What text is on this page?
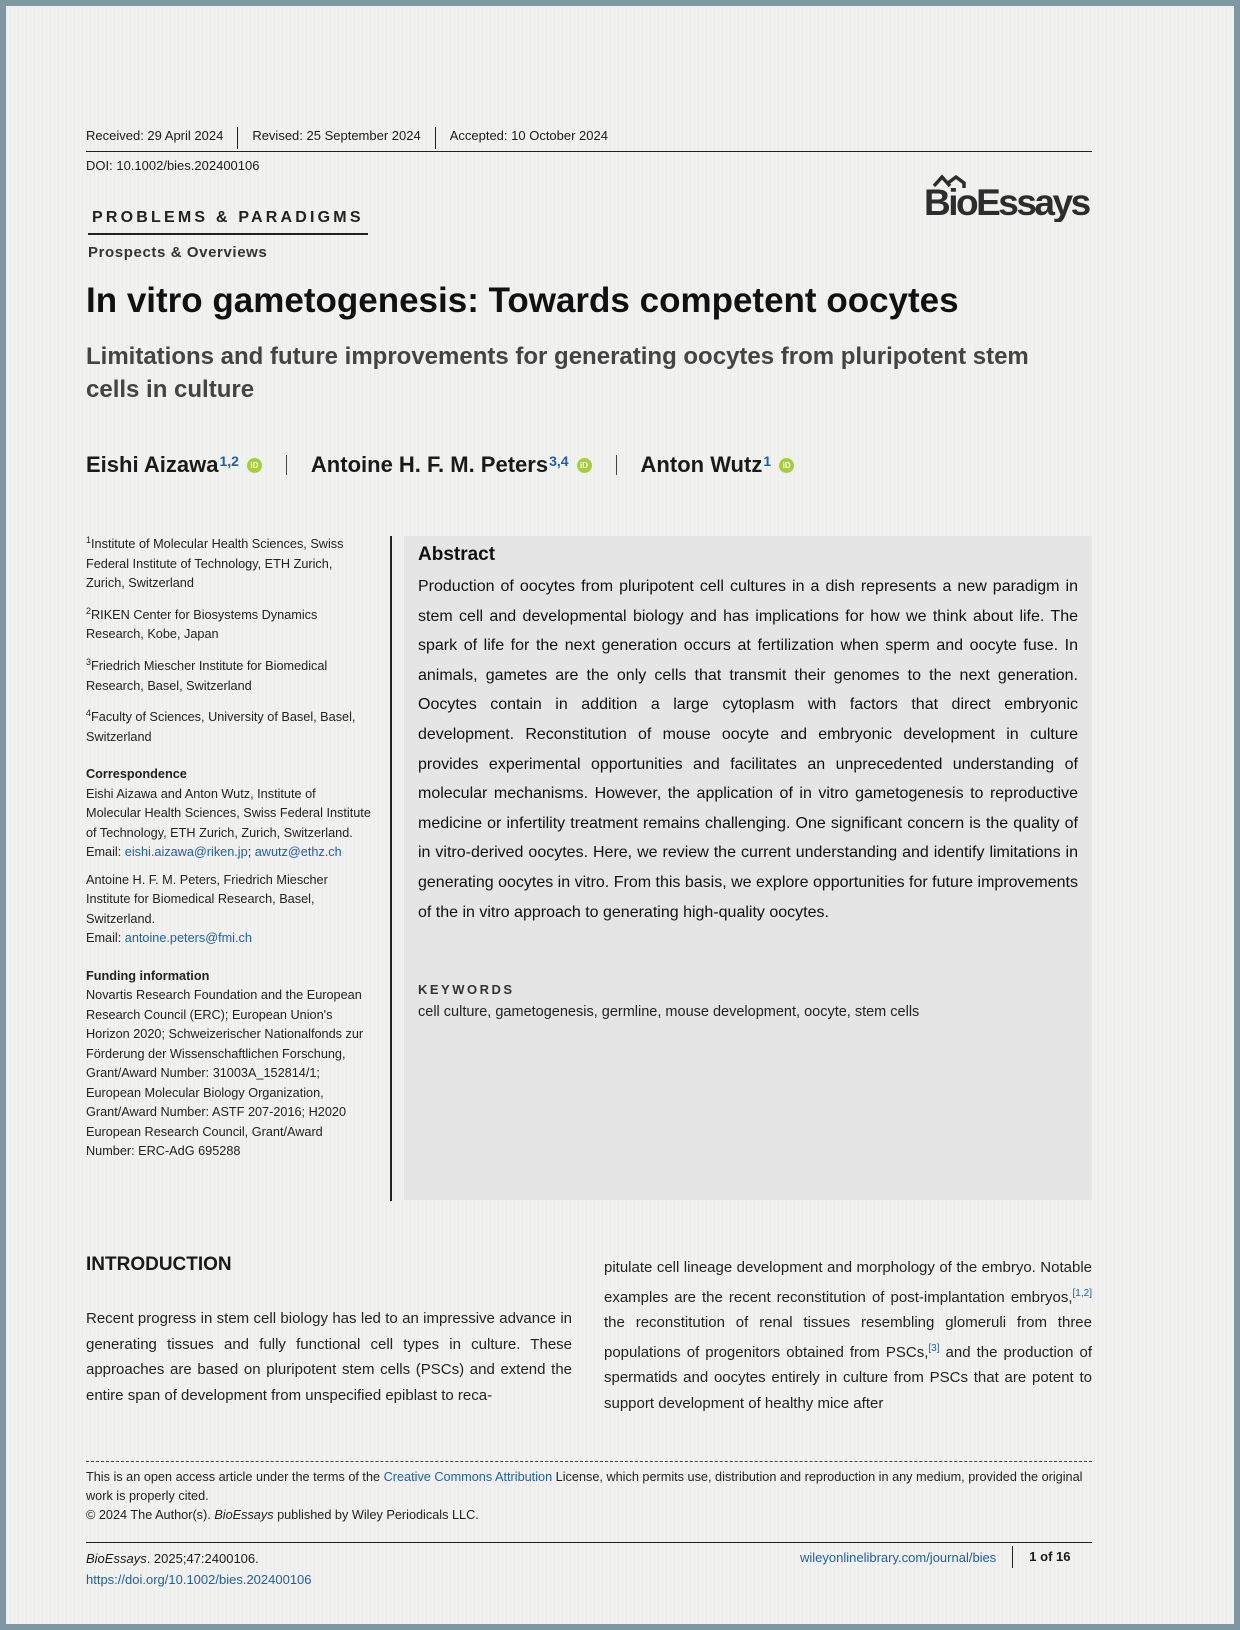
Received: 29 April 2024	Revised: 25 September 2024	Accepted: 10 October 2024
DOI: 10.1002/bies.202400106
BioEssays
PROBLEMS & PARADIGMS
Prospects & Overviews
In vitro gametogenesis: Towards competent oocytes
Limitations and future improvements for generating oocytes from pluripotent stem cells in culture
Eishi Aizawa$^{1,2}$	iD Antoine H. F. M. Peters$^{3,4}$	iD Anton Wutz$^1$	iD

$^1$Institute of Molecular Health Sciences, Swiss Federal Institute of Technology, ETH Zurich, Zurich, Switzerland

$^2$RIKEN Center for Biosystems Dynamics Research, Kobe, Japan

$^3$Friedrich Miescher Institute for Biomedical Research, Basel, Switzerland

$^4$Faculty of Sciences, University of Basel, Basel, Switzerland

Correspondence

Eishi Aizawa and Anton Wutz, Institute of Molecular Health Sciences, Swiss Federal Institute of Technology, ETH Zurich, Zurich, Switzerland.
Email: eishi.aizawa@riken.jp; awutz@ethz.ch

Antoine H. F. M. Peters, Friedrich Miescher Institute for Biomedical Research, Basel, Switzerland.
Email: antoine.peters@fmi.ch

Funding information

Novartis Research Foundation and the European Research Council (ERC); European Union's Horizon 2020; Schweizerischer Nationalfonds zur Förderung der Wissenschaftlichen Forschung, Grant/Award Number: 31003A_152814/1; European Molecular Biology Organization, Grant/Award Number: ASTF 207-2016; H2020 European Research Council, Grant/Award Number: ERC-AdG 695288

Abstract

Production of oocytes from pluripotent cell cultures in a dish represents a new paradigm in stem cell and developmental biology and has implications for how we think about life. The spark of life for the next generation occurs at fertilization when sperm and oocyte fuse. In animals, gametes are the only cells that transmit their genomes to the next generation. Oocytes contain in addition a large cytoplasm with factors that direct embryonic development. Reconstitution of mouse oocyte and embryonic development in culture provides experimental opportunities and facilitates an unprecedented understanding of molecular mechanisms. However, the application of in vitro gametogenesis to reproductive medicine or infertility treatment remains challenging. One significant concern is the quality of in vitro-derived oocytes. Here, we review the current understanding and identify limitations in generating oocytes in vitro. From this basis, we explore opportunities for future improvements of the in vitro approach to generating high-quality oocytes.

KEYWORDS
cell culture, gametogenesis, germline, mouse development, oocyte, stem cells
INTRODUCTION

Recent progress in stem cell biology has led to an impressive advance in generating tissues and fully functional cell types in culture. These approaches are based on pluripotent stem cells (PSCs) and extend the entire span of development from unspecified epiblast to reca-

pitulate cell lineage development and morphology of the embryo. Notable examples are the recent reconstitution of post-implantation embryos,[1,2] the reconstitution of renal tissues resembling glomeruli from three populations of progenitors obtained from PSCs,[3] and the production of spermatids and oocytes entirely in culture from PSCs that are potent to support development of healthy mice after

This is an open access article under the terms of the Creative Commons Attribution License, which permits use, distribution and reproduction in any medium, provided the original work is properly cited.
© 2024 The Author(s). BioEssays published by Wiley Periodicals LLC.

BioEssays. 2025;47:2400106.
https://doi.org/10.1002/bies.202400106
wileyonlinelibrary.com/journal/bies	1 of 16
